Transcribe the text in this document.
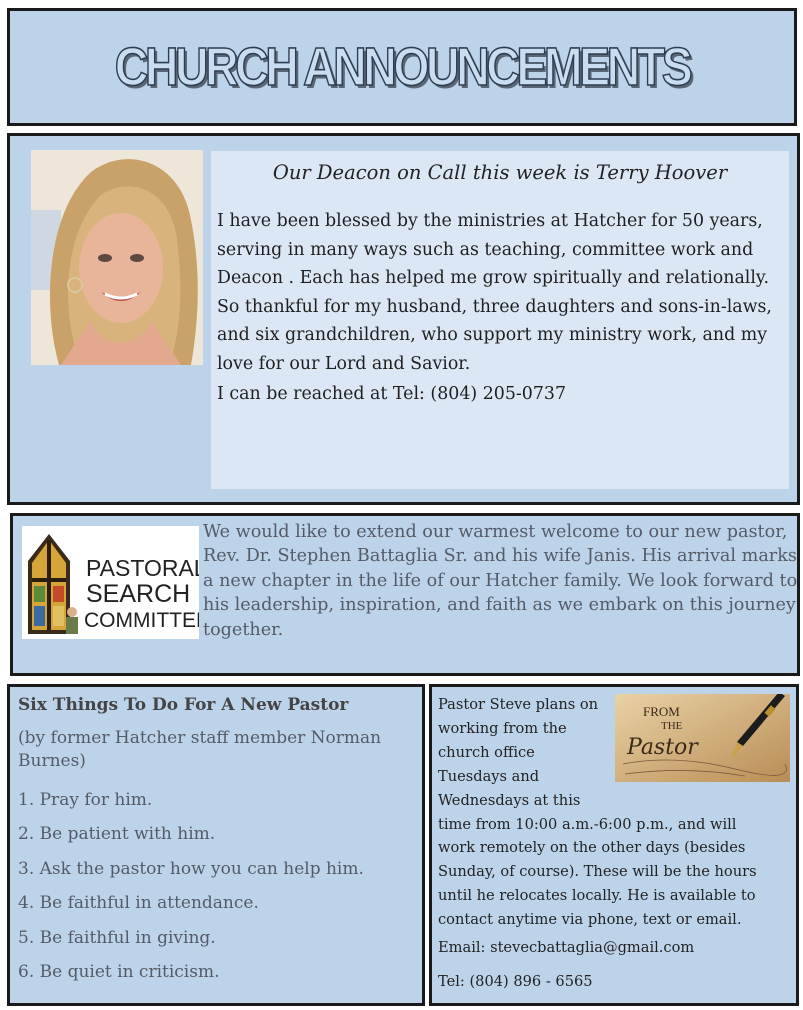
CHURCH ANNOUNCEMENTS
Our Deacon on Call this week is Terry Hoover
I have been blessed by the ministries at Hatcher for 50 years, serving in many ways such as teaching, committee work and Deacon . Each has helped me grow spiritually and relationally. So thankful for my husband, three daughters and sons-in-laws, and six grandchildren, who support my ministry work, and my love for our Lord and Savior.
I can be reached at Tel: (804) 205-0737
PASTORAL
SEARCH
COMMITTEE
We would like to extend our warmest welcome to our new pastor, Rev. Dr. Stephen Battaglia Sr. and his wife Janis. His arrival marks a new chapter in the life of our Hatcher family. We look forward to his leadership, inspiration, and faith as we embark on this journey together.
Six Things To Do For A New Pastor
(by former Hatcher staff member Norman Burnes)
1. Pray for him.
2. Be patient with him.
3. Ask the pastor how you can help him.
4. Be faithful in attendance.
5. Be faithful in giving.
6. Be quiet in criticism.
FROM
THE
Pastor
Pastor Steve plans on
working from the
church office
Tuesdays and
Wednesdays at this
time from 10:00 a.m.-6:00 p.m., and will
work remotely on the other days (besides
Sunday, of course). These will be the hours
until he relocates locally. He is available to
contact anytime via phone, text or email.
Email: stevecbattaglia@gmail.com
Tel: (804) 896 - 6565
